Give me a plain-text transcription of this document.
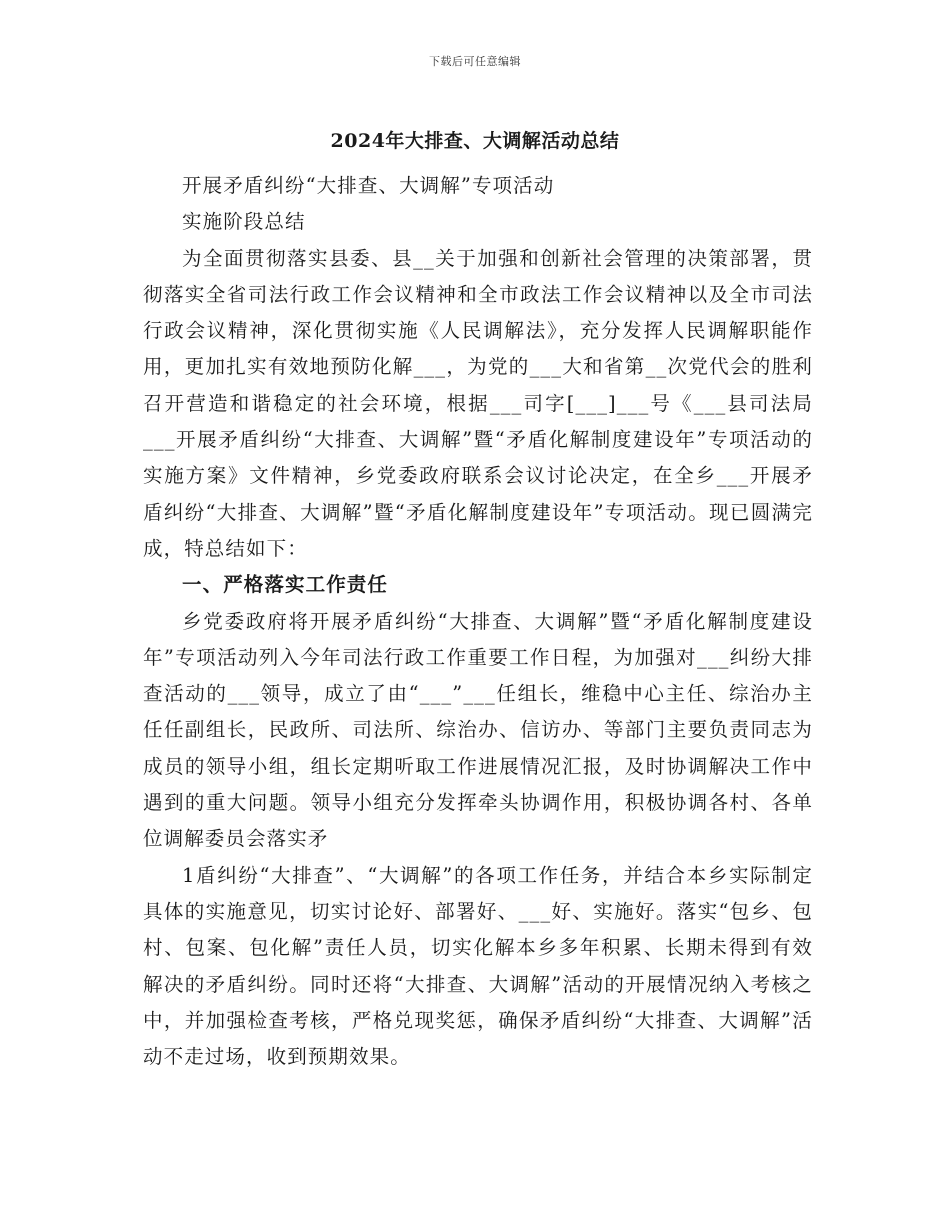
下载后可任意编辑
2024年大排查、大调解活动总结

开展矛盾纠纷“大排查、大调解”专项活动

实施阶段总结

为全面贯彻落实县委、县__关于加强和创新社会管理的决策部署，贯彻落实全省司法行政工作会议精神和全市政法工作会议精神以及全市司法行政会议精神，深化贯彻实施《人民调解法》，充分发挥人民调解职能作用，更加扎实有效地预防化解___，为党的___大和省第__次党代会的胜利召开营造和谐稳定的社会环境，根据___司字[___]___号《___县司法局___开展矛盾纠纷“大排查、大调解”暨“矛盾化解制度建设年”专项活动的实施方案》文件精神，乡党委政府联系会议讨论决定，在全乡___开展矛盾纠纷“大排查、大调解”暨“矛盾化解制度建设年”专项活动。现已圆满完成，特总结如下：

一、严格落实工作责任

乡党委政府将开展矛盾纠纷“大排查、大调解”暨“矛盾化解制度建设年”专项活动列入今年司法行政工作重要工作日程，为加强对___纠纷大排查活动的___领导，成立了由“___”___任组长，维稳中心主任、综治办主任任副组长，民政所、司法所、综治办、信访办、等部门主要负责同志为成员的领导小组，组长定期听取工作进展情况汇报，及时协调解决工作中遇到的重大问题。领导小组充分发挥牵头协调作用，积极协调各村、各单位调解委员会落实矛

1盾纠纷“大排查”、“大调解”的各项工作任务，并结合本乡实际制定具体的实施意见，切实讨论好、部署好、___好、实施好。落实“包乡、包村、包案、包化解”责任人员，切实化解本乡多年积累、长期未得到有效解决的矛盾纠纷。同时还将“大排查、大调解”活动的开展情况纳入考核之中，并加强检查考核，严格兑现奖惩，确保矛盾纠纷“大排查、大调解”活动不走过场，收到预期效果。
